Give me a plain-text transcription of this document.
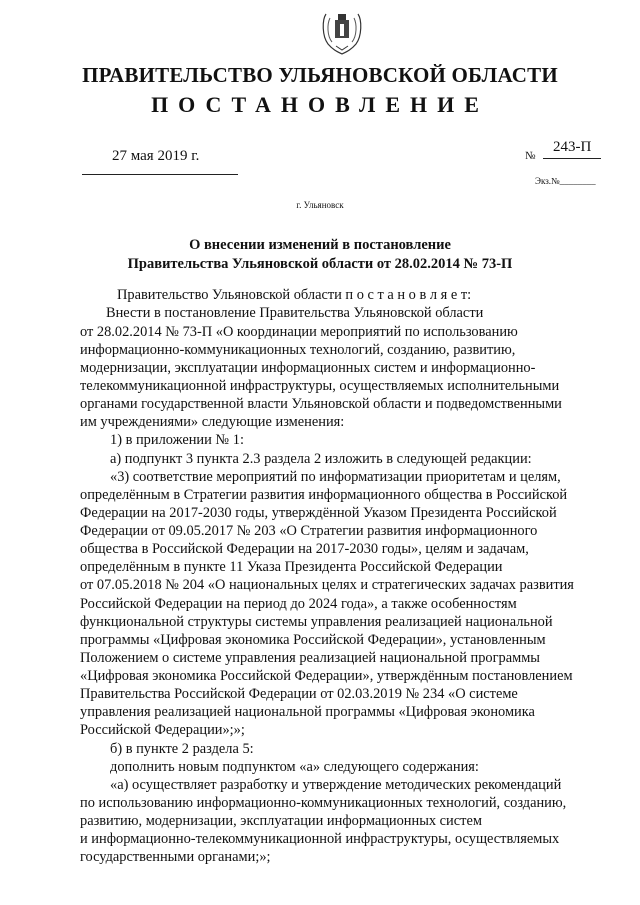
ПРАВИТЕЛЬСТВО УЛЬЯНОВСКОЙ ОБЛАСТИ
ПОСТАНОВЛЕНИЕ
27 мая 2019 г.	№
243-П
Экз.№________
г. Ульяновск
О внесении изменений в постановление
Правительства Ульяновской области от 28.02.2014 № 73-П
Правительство Ульяновской области п о с т а н о в л я е т:
Внести в постановление Правительства Ульяновской области
от 28.02.2014 № 73-П «О координации мероприятий по использованию
информационно-коммуникационных технологий, созданию, развитию,
модернизации, эксплуатации информационных систем и информационно-
телекоммуникационной инфраструктуры, осуществляемых исполнительными
органами государственной власти Ульяновской области и подведомственными
им учреждениями» следующие изменения:
1) в приложении № 1:
а) подпункт 3 пункта 2.3 раздела 2 изложить в следующей редакции:
«3) соответствие мероприятий по информатизации приоритетам и целям,
определённым в Стратегии развития информационного общества в Российской
Федерации на 2017-2030 годы, утверждённой Указом Президента Российской
Федерации от 09.05.2017 № 203 «О Стратегии развития информационного
общества в Российской Федерации на 2017-2030 годы», целям и задачам,
определённым в пункте 11 Указа Президента Российской Федерации
от 07.05.2018 № 204 «О национальных целях и стратегических задачах развития
Российской Федерации на период до 2024 года», а также особенностям
функциональной структуры системы управления реализацией национальной
программы «Цифровая экономика Российской Федерации», установленным
Положением о системе управления реализацией национальной программы
«Цифровая экономика Российской Федерации», утверждённым постановлением
Правительства Российской Федерации от 02.03.2019 № 234 «О системе
управления реализацией национальной программы «Цифровая экономика
Российской Федерации»;»;
б) в пункте 2 раздела 5:
дополнить новым подпунктом «а» следующего содержания:
«а) осуществляет разработку и утверждение методических рекомендаций
по использованию информационно-коммуникационных технологий, созданию,
развитию, модернизации, эксплуатации информационных систем
и информационно-телекоммуникационной инфраструктуры, осуществляемых
государственными органами;»;
